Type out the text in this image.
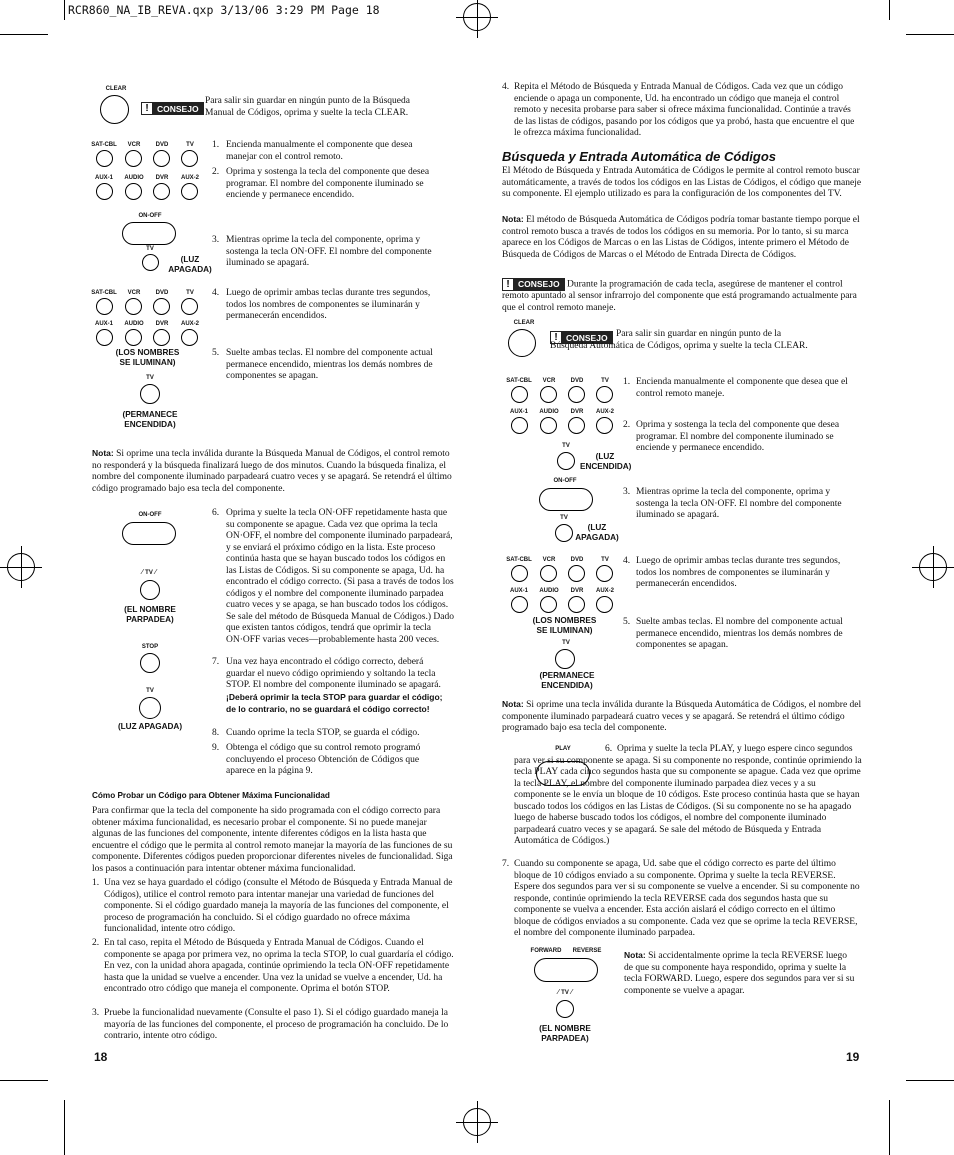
RCR860_NA_IB_REVA.qxp 3/13/06 3:29 PM Page 18
CLEAR
! CONSEJO
Para salir sin guardar en ningún punto de la Búsqueda Manual de Códigos, oprima y suelte la tecla CLEAR.
SAT-CBL	VCR	DVD	TV
AUX-1	AUDIO	DVR	AUX-2
1. Encienda manualmente el componente que desea manejar con el control remoto.
2. Oprima y sostenga la tecla del componente que desea programar. El nombre del componente iluminado se enciende y permanece encendido.
ON-OFF
TV
(LUZ
APAGADA)
3. Mientras oprime la tecla del componente, oprima y sostenga la tecla ON·OFF. El nombre del componente iluminado se apagará.
SAT-CBL	VCR	DVD	TV
AUX-1	AUDIO	DVR	AUX-2
(LOS NOMBRES
SE ILUMINAN)
4. Luego de oprimir ambas teclas durante tres segundos, todos los nombres de componentes se iluminarán y permanecerán encendidos.
5. Suelte ambas teclas. El nombre del componente actual permanece encendido, mientras los demás nombres de componentes se apagan.
TV
(PERMANECE
ENCENDIDA)
Nota: Si oprime una tecla inválida durante la Búsqueda Manual de Códigos, el control remoto no responderá y la búsqueda finalizará luego de dos minutos. Cuando la búsqueda finaliza, el nombre del componente iluminado parpadeará cuatro veces y se apagará. Se retendrá el último código programado bajo esa tecla del componente.
ON-OFF
⁄ TV ⁄
(EL NOMBRE
PARPADEA)
STOP
TV
(LUZ APAGADA)
6. Oprima y suelte la tecla ON·OFF repetidamente hasta que su componente se apague. Cada vez que oprima la tecla ON·OFF, el nombre del componente iluminado parpadeará, y se enviará el próximo código en la lista. Este proceso continúa hasta que se hayan buscado todos los códigos en las Listas de Códigos. Si su componente se apaga, Ud. ha encontrado el código correcto. (Si pasa a través de todos los códigos y el nombre del componente iluminado parpadea cuatro veces y se apaga, se han buscado todos los códigos. Se sale del método de Búsqueda Manual de Códigos.) Dado que existen tantos códigos, tendrá que oprimir la tecla ON·OFF varias veces—probablemente hasta 200 veces.
7. Una vez haya encontrado el código correcto, deberá guardar el nuevo código oprimiendo y soltando la tecla STOP. El nombre del componente iluminado se apagará. ¡Deberá oprimir la tecla STOP para guardar el código; de lo contrario, no se guardará el código correcto!
8. Cuando oprime la tecla STOP, se guarda el código.
9. Obtenga el código que su control remoto programó concluyendo el proceso Obtención de Códigos que aparece en la página 9.
Cómo Probar un Código para Obtener Máxima Funcionalidad
Para confirmar que la tecla del componente ha sido programada con el código correcto para obtener máxima funcionalidad, es necesario probar el componente. Si no puede manejar algunas de las funciones del componente, intente diferentes códigos en la lista hasta que encuentre el código que le permita al control remoto manejar la mayoría de las funciones de su componente. Diferentes códigos pueden proporcionar diferentes niveles de funcionalidad. Siga los pasos a continuación para intentar obtener máxima funcionalidad.
1. Una vez se haya guardado el código (consulte el Método de Búsqueda y Entrada Manual de Códigos), utilice el control remoto para intentar manejar una variedad de funciones del componente. Si el código guardado maneja la mayoría de las funciones del componente, el proceso de programación ha concluido. Si el código guardado no ofrece máxima funcionalidad, intente otro código.
2. En tal caso, repita el Método de Búsqueda y Entrada Manual de Códigos. Cuando el componente se apaga por primera vez, no oprima la tecla STOP, lo cual guardaría el código. En vez, con la unidad ahora apagada, continúe oprimiendo la tecla ON·OFF repetidamente hasta que la unidad se vuelve a encender. Una vez la unidad se vuelve a encender, Ud. ha encontrado otro código que maneja el componente. Oprima el botón STOP.
3. Pruebe la funcionalidad nuevamente (Consulte el paso 1). Si el código guardado maneja la mayoría de las funciones del componente, el proceso de programación ha concluido. De lo contrario, intente otro código.
18
4. Repita el Método de Búsqueda y Entrada Manual de Códigos. Cada vez que un código enciende o apaga un componente, Ud. ha encontrado un código que maneja el control remoto y necesita probarse para saber si ofrece máxima funcionalidad. Continúe a través de las listas de códigos, pasando por los códigos que ya probó, hasta que encuentre el que le ofrezca máxima funcionalidad.
Búsqueda y Entrada Automática de Códigos
El Método de Búsqueda y Entrada Automática de Códigos le permite al control remoto buscar automáticamente, a través de todos los códigos en las Listas de Códigos, el código que maneje su componente. El ejemplo utilizado es para la configuración de los componentes del TV.
Nota: El método de Búsqueda Automática de Códigos podría tomar bastante tiempo porque el control remoto busca a través de todos los códigos en su memoria. Por lo tanto, si su marca aparece en los Códigos de Marcas o en las Listas de Códigos, intente primero el Método de Búsqueda de Códigos de Marcas o el Método de Entrada Directa de Códigos.
! CONSEJO Durante la programación de cada tecla, asegúrese de mantener el control remoto apuntado al sensor infrarrojo del componente que está programando actualmente para que el control remoto maneje.
CLEAR
! CONSEJO Para salir sin guardar en ningún punto de la Búsqueda Automática de Códigos, oprima y suelte la tecla CLEAR.
SAT-CBL	VCR	DVD	TV
AUX-1	AUDIO	DVR	AUX-2
TV
(LUZ
ENCENDIDA)
1. Encienda manualmente el componente que desea que el control remoto maneje.
2. Oprima y sostenga la tecla del componente que desea programar. El nombre del componente iluminado se enciende y permanece encendido.
ON-OFF
TV
(LUZ
APAGADA)
3. Mientras oprime la tecla del componente, oprima y sostenga la tecla ON·OFF. El nombre del componente iluminado se apagará.
SAT-CBL	VCR	DVD	TV
AUX-1	AUDIO	DVR	AUX-2
(LOS NOMBRES
SE ILUMINAN)
4. Luego de oprimir ambas teclas durante tres segundos, todos los nombres de componentes se iluminarán y permanecerán encendidos.
5. Suelte ambas teclas. El nombre del componente actual permanece encendido, mientras los demás nombres de componentes se apagan.
TV
(PERMANECE
ENCENDIDA)
Nota: Si oprime una tecla inválida durante la Búsqueda Automática de Códigos, el nombre del componente iluminado parpadeará cuatro veces y se apagará. Se retendrá el último código programado bajo esa tecla del componente.
PLAY	6. Oprima y suelte la tecla PLAY, y luego espere cinco segundos para ver si su componente se apaga. Si su componente no responde, continúe oprimiendo la tecla PLAY cada cinco segundos hasta que su componente se apague. Cada vez que oprime la tecla PLAY, el nombre del componente iluminado parpadea diez veces y a su componente se le envía un bloque de 10 códigos. Este proceso continúa hasta que se hayan buscado todos los códigos en las Listas de Códigos. (Si su componente no se ha apagado luego de haberse buscado todos los códigos, el nombre del componente iluminado parpadeará cuatro veces y se apagará. Se sale del método de Búsqueda y Entrada Automática de Códigos.)
7. Cuando su componente se apaga, Ud. sabe que el código correcto es parte del último bloque de 10 códigos enviado a su componente. Oprima y suelte la tecla REVERSE. Espere dos segundos para ver si su componente se vuelve a encender. Si su componente no responde, continúe oprimiendo la tecla REVERSE cada dos segundos hasta que su componente se vuelva a encender. Esta acción aislará el código correcto en el último bloque de códigos enviados a su componente. Cada vez que se oprime la tecla REVERSE, el nombre del componente iluminado parpadea.
FORWARD	REVERSE
⁄ TV ⁄
(EL NOMBRE
PARPADEA)
Nota: Si accidentalmente oprime la tecla REVERSE luego de que su componente haya respondido, oprima y suelte la tecla FORWARD. Luego, espere dos segundos para ver si su componente se vuelve a apagar.
19
